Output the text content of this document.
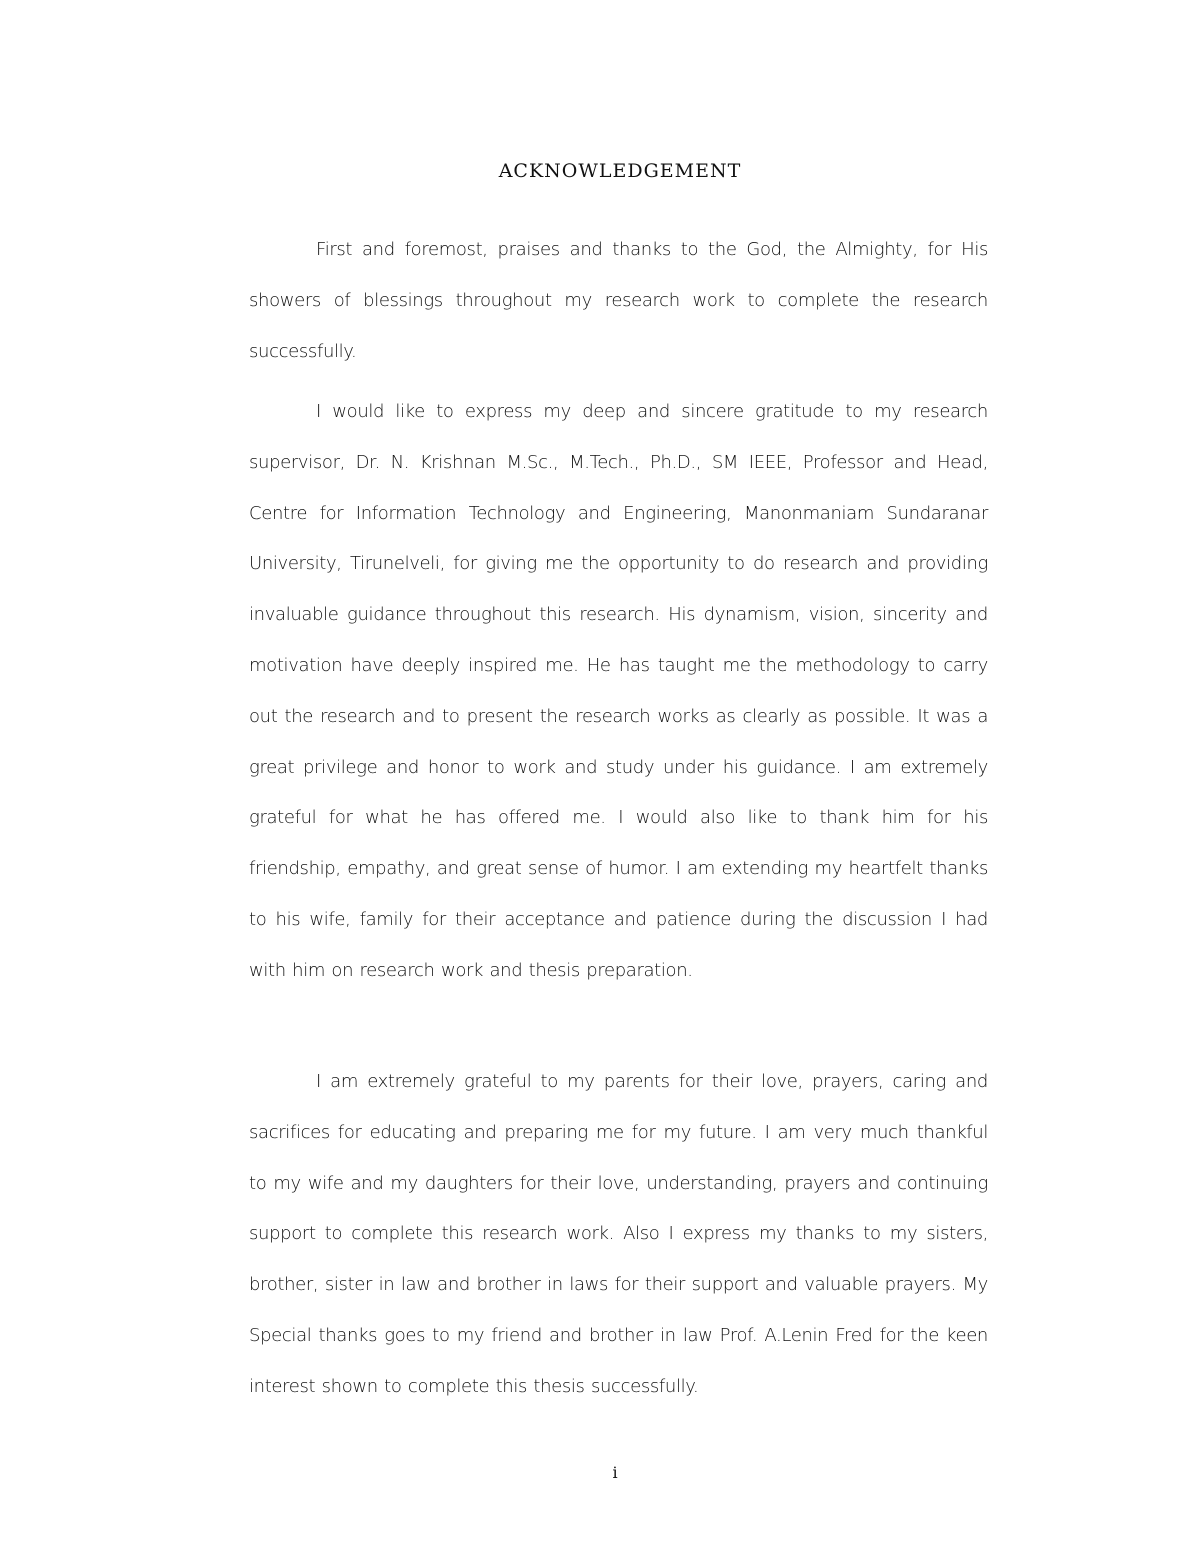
ACKNOWLEDGEMENT

First and foremost, praises and thanks to the God, the Almighty, for His showers of blessings throughout my research work to complete the research successfully.

I would like to express my deep and sincere gratitude to my research supervisor, Dr. N. Krishnan M.Sc., M.Tech., Ph.D., SM IEEE, Professor and Head, Centre for Information Technology and Engineering, Manonmaniam Sundaranar University, Tirunelveli, for giving me the opportunity to do research and providing invaluable guidance throughout this research. His dynamism, vision, sincerity and motivation have deeply inspired me. He has taught me the methodology to carry out the research and to present the research works as clearly as possible. It was a great privilege and honor to work and study under his guidance. I am extremely grateful for what he has offered me. I would also like to thank him for his friendship, empathy, and great sense of humor. I am extending my heartfelt thanks to his wife, family for their acceptance and patience during the discussion I had with him on research work and thesis preparation.

I am extremely grateful to my parents for their love, prayers, caring and sacrifices for educating and preparing me for my future. I am very much thankful to my wife and my daughters for their love, understanding, prayers and continuing support to complete this research work. Also I express my thanks to my sisters, brother, sister in law and brother in laws for their support and valuable prayers. My Special thanks goes to my friend and brother in law Prof. A.Lenin Fred for the keen interest shown to complete this thesis successfully.

i
